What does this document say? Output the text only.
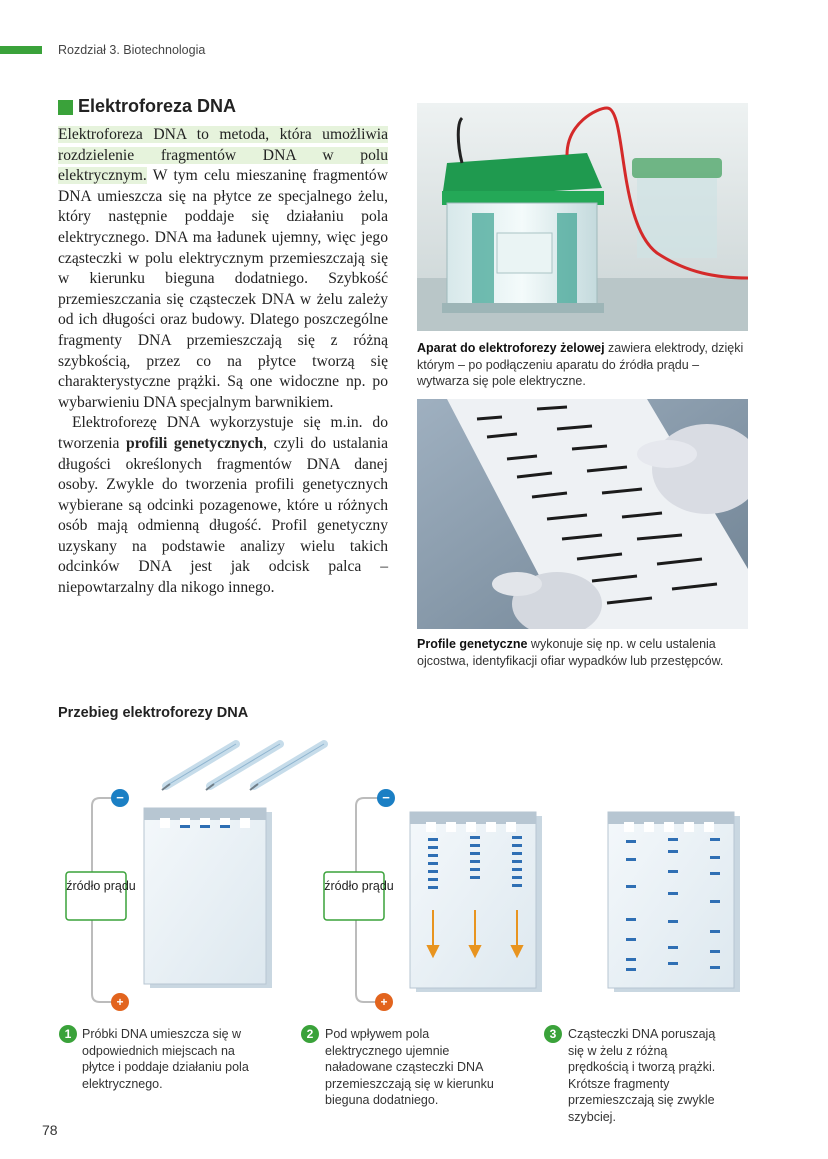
Rozdział 3. Biotechnologia
Elektroforeza DNA

Elektroforeza DNA to metoda, która umożliwia rozdzielenie fragmentów DNA w polu elektrycznym. W tym celu mieszaninę fragmentów DNA umieszcza się na płytce ze specjalnego żelu, który następnie poddaje się działaniu pola elektrycznego. DNA ma ładunek ujemny, więc jego cząsteczki w polu elektrycznym przemieszczają się w kierunku bieguna dodatniego. Szybkość przemieszczania się cząsteczek DNA w żelu zależy od ich długości oraz budowy. Dlatego poszczególne fragmenty DNA przemieszczają się z różną szybkością, przez co na płytce tworzą się charakterystyczne prążki. Są one widoczne np. po wybarwieniu DNA specjalnym barwnikiem.

Elektroforezę DNA wykorzystuje się m.in. do tworzenia profili genetycznych, czyli do ustalania długości określonych fragmentów DNA danej osoby. Zwykle do tworzenia profili genetycznych wybierane są odcinki pozagenowe, które u różnych osób mają odmienną długość. Profil genetyczny uzyskany na podstawie analizy wielu takich odcinków DNA jest jak odcisk palca – niepowtarzalny dla nikogo innego.

Aparat do elektroforezy żelowej zawiera elektrody, dzięki którym – po podłączeniu aparatu do źródła prądu – wytwarza się pole elektryczne.
Profile genetyczne wykonuje się np. w celu ustalenia ojcostwa, identyfikacji ofiar wypadków lub przestępców.
Przebieg elektroforezy DNA
−
+
−
+
źródło prądu	źródło prądu
1 Próbki DNA umieszcza się w odpowiednich miejscach na płytce i poddaje działaniu pola elektrycznego.
2 Pod wpływem pola elektrycznego ujemnie naładowane cząsteczki DNA przemieszczają się w kierunku bieguna dodatniego.
3 Cząsteczki DNA poruszają się w żelu z różną prędkością i tworzą prążki. Krótsze fragmenty przemieszczają się zwykle szybciej.
78
